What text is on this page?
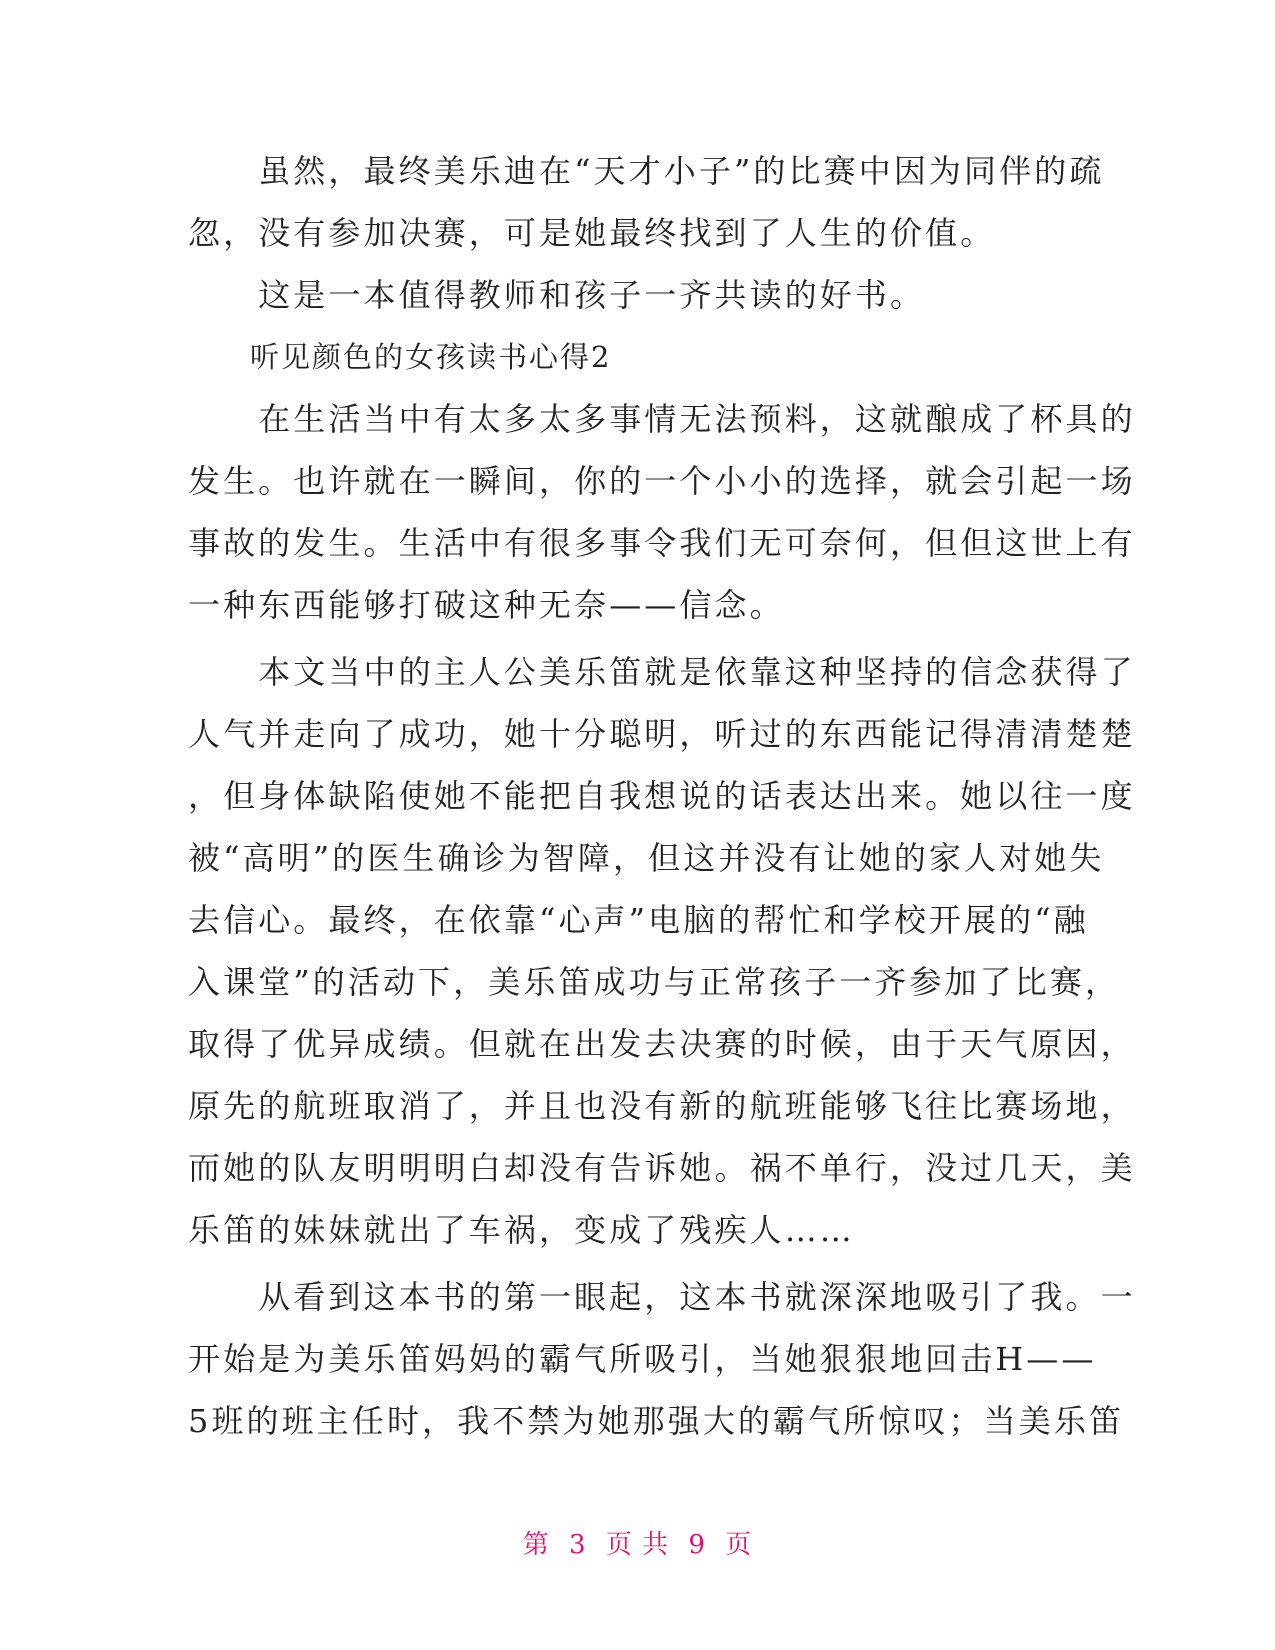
　　虽然，最终美乐迪在“天才小子”的比赛中因为同伴的疏
忽，没有参加决赛，可是她最终找到了人生的价值。
　　这是一本值得教师和孩子一齐共读的好书。
　　听见颜色的女孩读书心得2
　　在生活当中有太多太多事情无法预料，这就酿成了杯具的
发生。也许就在一瞬间，你的一个小小的选择，就会引起一场
事故的发生。生活中有很多事令我们无可奈何，但但这世上有
一种东西能够打破这种无奈——信念。
　　本文当中的主人公美乐笛就是依靠这种坚持的信念获得了
人气并走向了成功，她十分聪明，听过的东西能记得清清楚楚
，但身体缺陷使她不能把自我想说的话表达出来。她以往一度
被“高明”的医生确诊为智障，但这并没有让她的家人对她失
去信心。最终，在依靠“心声”电脑的帮忙和学校开展的“融
入课堂”的活动下，美乐笛成功与正常孩子一齐参加了比赛，
取得了优异成绩。但就在出发去决赛的时候，由于天气原因，
原先的航班取消了，并且也没有新的航班能够飞往比赛场地，
而她的队友明明明白却没有告诉她。祸不单行，没过几天，美
乐笛的妹妹就出了车祸，变成了残疾人……
　　从看到这本书的第一眼起，这本书就深深地吸引了我。一
开始是为美乐笛妈妈的霸气所吸引，当她狠狠地回击H——
5班的班主任时，我不禁为她那强大的霸气所惊叹；当美乐笛
第 3 页 共 9 页
